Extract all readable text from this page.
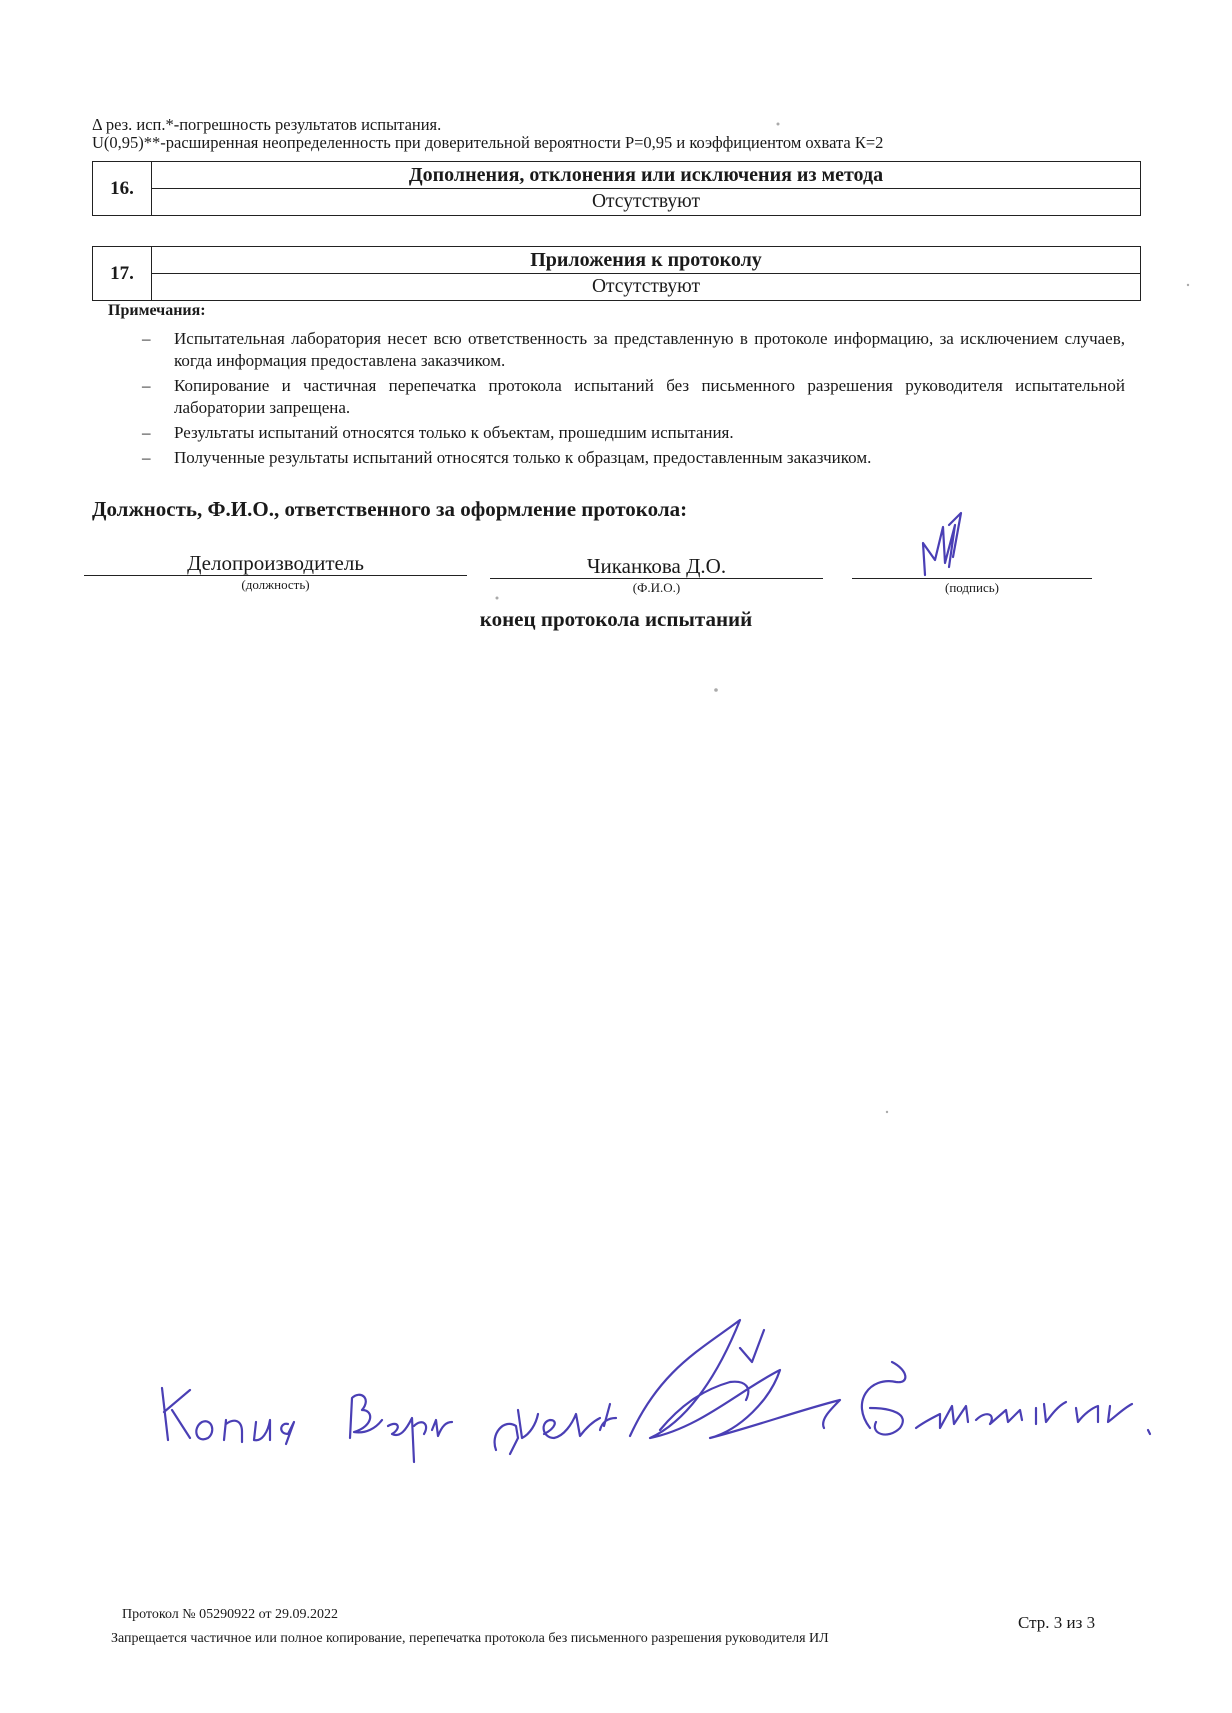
Δ рез. исп.*-погрешность результатов испытания.
U(0,95)**-расширенная неопределенность при доверительной вероятности P=0,95 и коэффициентом охвата К=2
16.	Дополнения, отклонения или исключения из метода
Отсутствуют
17.	Приложения к протоколу
Отсутствуют
Примечания:
– Испытательная лаборатория несет всю ответственность за представленную в протоколе информацию, за исключением случаев, когда информация предоставлена заказчиком.
– Копирование и частичная перепечатка протокола испытаний без письменного разрешения руководителя испытательной лаборатории запрещена.
– Результаты испытаний относятся только к объектам, прошедшим испытания.
– Полученные результаты испытаний относятся только к образцам, предоставленным заказчиком.
Должность, Ф.И.О., ответственного за оформление протокола:
Делопроизводитель
(должность)
Чиканкова Д.О.
(Ф.И.О.)	(подпись)
конец протокола испытаний
Протокол № 05290922 от 29.09.2022
Запрещается частичное или полное копирование, перепечатка протокола без письменного разрешения руководителя ИЛ
Стр. 3 из 3
